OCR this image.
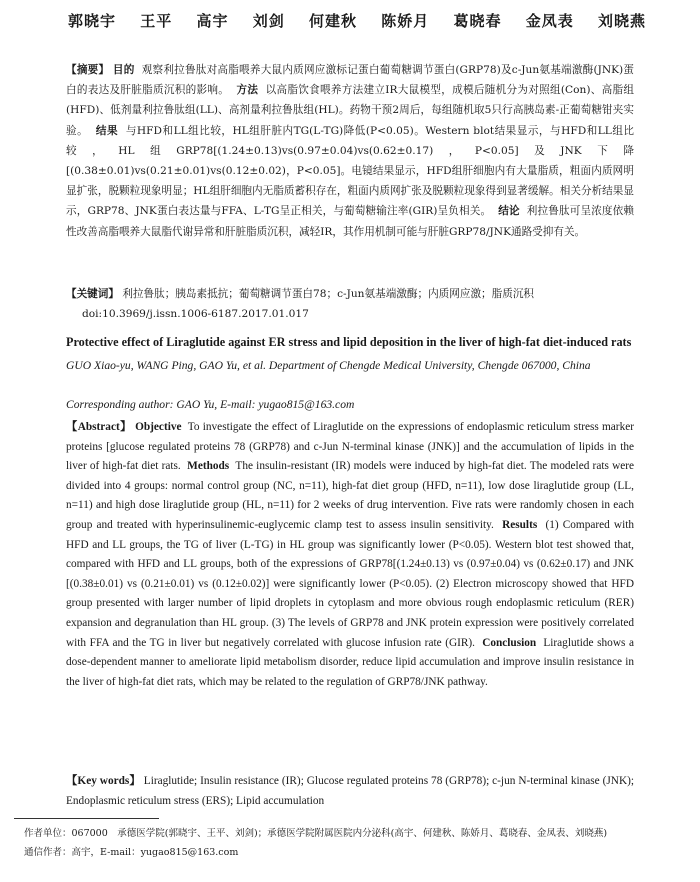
郭晓宇 王平 高宇 刘剑 何建秋 陈娇月 葛晓春 金凤表 刘晓燕

【摘要】 目的 观察利拉鲁肽对高脂喂养大鼠内质网应激标记蛋白葡萄糖调节蛋白(GRP78)及c-Jun氨基端激酶(JNK)蛋白的表达及肝脏脂质沉积的影响。 方法 以高脂饮食喂养方法建立IR大鼠模型，成模后随机分为对照组(Con)、高脂组(HFD)、低剂量利拉鲁肽组(LL)、高剂量利拉鲁肽组(HL)。药物干预2周后，每组随机取5只行高胰岛素-正葡萄糖钳夹实验。 结果 与HFD和LL组比较，HL组肝脏内TG(L-TG)降低(P<0.05)。Western blot结果显示，与HFD和LL组比较，HL组GRP78[(1.24±0.13)vs(0.97±0.04)vs(0.62±0.17)，P<0.05]及JNK下降[(0.38±0.01)vs(0.21±0.01)vs(0.12±0.02)，P<0.05]。电镜结果显示，HFD组肝细胞内有大量脂质，粗面内质网明显扩张，脱颗粒现象明显；HL组肝细胞内无脂质蓄积存在，粗面内质网扩张及脱颗粒现象得到显著缓解。相关分析结果显示，GRP78、JNK蛋白表达量与FFA、L-TG呈正相关，与葡萄糖输注率(GIR)呈负相关。 结论 利拉鲁肽可呈浓度依赖性改善高脂喂养大鼠脂代谢异常和肝脏脂质沉积，减轻IR，其作用机制可能与肝脏GRP78/JNK通路受抑有关。

【关键词】 利拉鲁肽；胰岛素抵抗；葡萄糖调节蛋白78；c-Jun氨基端激酶；内质网应激；脂质沉积
doi:10.3969/j.issn.1006-6187.2017.01.017

Protective effect of Liraglutide against ER stress and lipid deposition in the liver of high-fat diet-induced rats

GUO Xiao-yu, WANG Ping, GAO Yu, et al. Department of Chengde Medical University, Chengde 067000, China

Corresponding author: GAO Yu, E-mail: yugao815@163.com

【Abstract】 Objective To investigate the effect of Liraglutide on the expressions of endoplasmic reticulum stress marker proteins [glucose regulated proteins 78 (GRP78) and c-Jun N-terminal kinase (JNK)] and the accumulation of lipids in the liver of high-fat diet rats. Methods The insulin-resistant (IR) models were induced by high-fat diet. The modeled rats were divided into 4 groups: normal control group (NC, n=11), high-fat diet group (HFD, n=11), low dose liraglutide group (LL, n=11) and high dose liraglutide group (HL, n=11) for 2 weeks of drug intervention. Five rats were randomly chosen in each group and treated with hyperinsulinemic-euglycemic clamp test to assess insulin sensitivity. Results (1) Compared with HFD and LL groups, the TG of liver (L-TG) in HL group was significantly lower (P<0.05). Western blot test showed that, compared with HFD and LL groups, both of the expressions of GRP78[(1.24±0.13) vs (0.97±0.04) vs (0.62±0.17) and JNK [(0.38±0.01) vs (0.21±0.01) vs (0.12±0.02)] were significantly lower (P<0.05). (2) Electron microscopy showed that HFD group presented with larger number of lipid droplets in cytoplasm and more obvious rough endoplasmic reticulum (RER) expansion and degranulation than HL group. (3) The levels of GRP78 and JNK protein expression were positively correlated with FFA and the TG in liver but negatively correlated with glucose infusion rate (GIR). Conclusion Liraglutide shows a dose-dependent manner to ameliorate lipid metabolism disorder, reduce lipid accumulation and improve insulin resistance in the liver of high-fat diet rats, which may be related to the regulation of GRP78/JNK pathway.

【Key words】 Liraglutide; Insulin resistance (IR); Glucose regulated proteins 78 (GRP78); c-jun N-terminal kinase (JNK); Endoplasmic reticulum stress (ERS); Lipid accumulation

作者单位：067000　承德医学院(郭晓宇、王平、刘剑)；承德医学院附属医院内分泌科(高宇、何建秋、陈娇月、葛晓春、金凤表、刘晓燕)
通信作者：高宇，E-mail：yugao815@163.com
